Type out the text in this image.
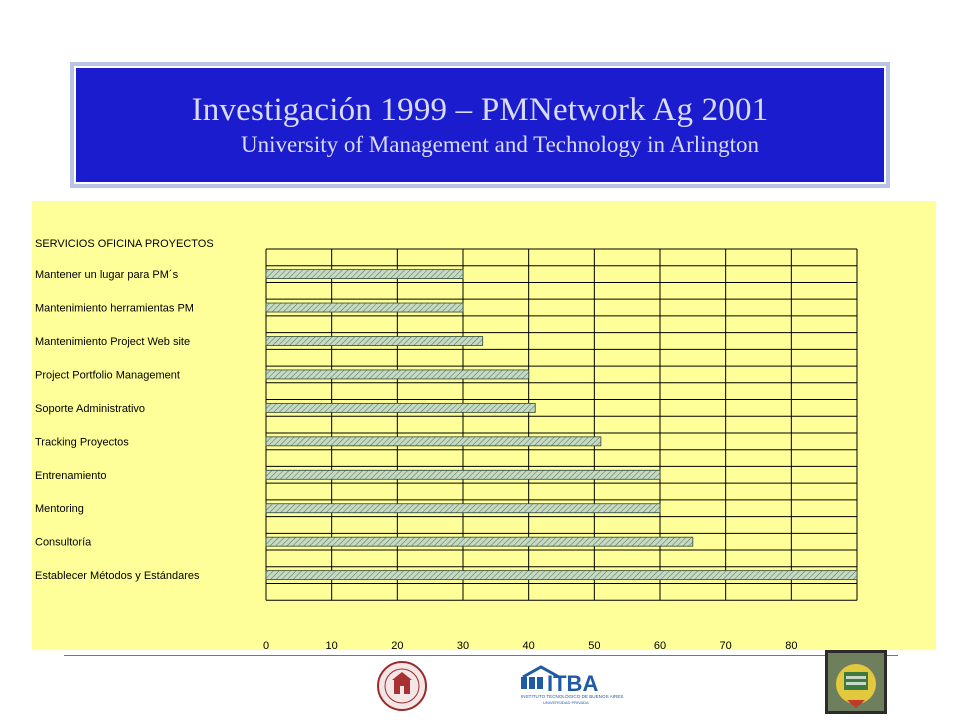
Investigación 1999 – PMNetwork Ag 2001
University of Management and Technology in Arlington
SERVICIOS OFICINA PROYECTOS
Mantener un lugar para PM´s
Mantenimiento herramientas PM
Mantenimiento Project Web site
Project Portfolio Management
Soporte Administrativo
Tracking Proyectos
Entrenamiento
Mentoring
Consultoría
Establecer Métodos y Estándares
0	10	20	30	40	50	60	70	80
ITBA
INSTITUTO TECNOLÓGICO DE BUENOS AIRES
UNIVERSIDAD PRIVADA
